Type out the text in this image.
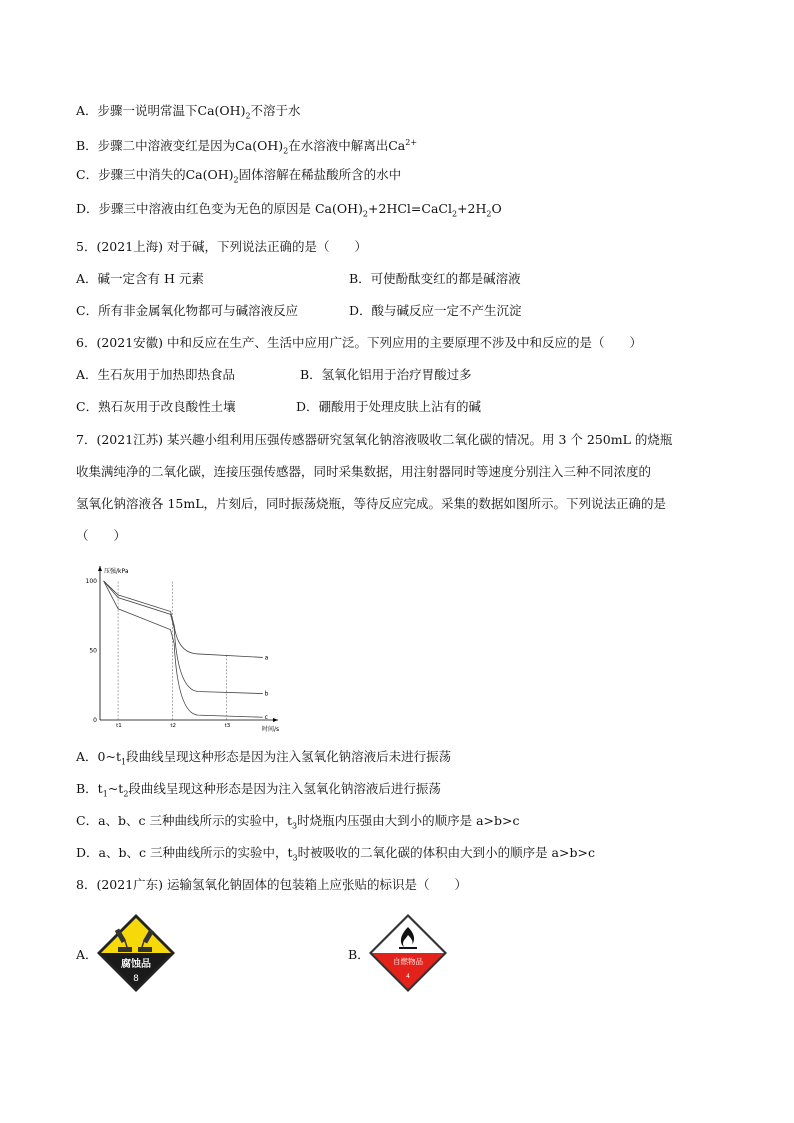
A．步骤一说明常温下$Ca(OH)_2$不溶于水
B．步骤二中溶液变红是因为$Ca(OH)_2$在水溶液中解离出$Ca^{2+}$
C．步骤三中消失的$Ca(OH)_2$固体溶解在稀盐酸所含的水中
D．步骤三中溶液由红色变为无色的原因是 $Ca(OH)_2+2HCl=CaCl_2+2H_2O$
5．(2021上海) 对于碱，下列说法正确的是（　　）
A．碱一定含有 H 元素	B．可使酚酞变红的都是碱溶液
C．所有非金属氧化物都可与碱溶液反应	D．酸与碱反应一定不产生沉淀
6．(2021安徽) 中和反应在生产、生活中应用广泛。下列应用的主要原理不涉及中和反应的是（　　）
A．生石灰用于加热即热食品	B．氢氧化铝用于治疗胃酸过多
C．熟石灰用于改良酸性土壤	D．硼酸用于处理皮肤上沾有的碱
7．(2021江苏) 某兴趣小组利用压强传感器研究氢氧化钠溶液吸收二氧化碳的情况。用 3 个 250mL 的烧瓶
收集满纯净的二氧化碳，连接压强传感器，同时采集数据，用注射器同时等速度分别注入三种不同浓度的
氢氧化钠溶液各 15mL，片刻后，同时振荡烧瓶，等待反应完成。采集的数据如图所示。下列说法正确的是
（　　）
压强/kPa
时间/s
100
50
0
t1	t2	t3
a
b
c
A．$0\sim t_1$段曲线呈现这种形态是因为注入氢氧化钠溶液后未进行振荡
B．$t_1\sim t_2$段曲线呈现这种形态是因为注入氢氧化钠溶液后进行振荡
C．a、b、c 三种曲线所示的实验中，$t_3$时烧瓶内压强由大到小的顺序是 a>b>c
D．a、b、c 三种曲线所示的实验中，$t_3$时被吸收的二氧化碳的体积由大到小的顺序是 a>b>c
8．(2021广东) 运输氢氧化钠固体的包装箱上应张贴的标识是（　　）
A．	B．
腐蚀品
8
自燃物品
4
